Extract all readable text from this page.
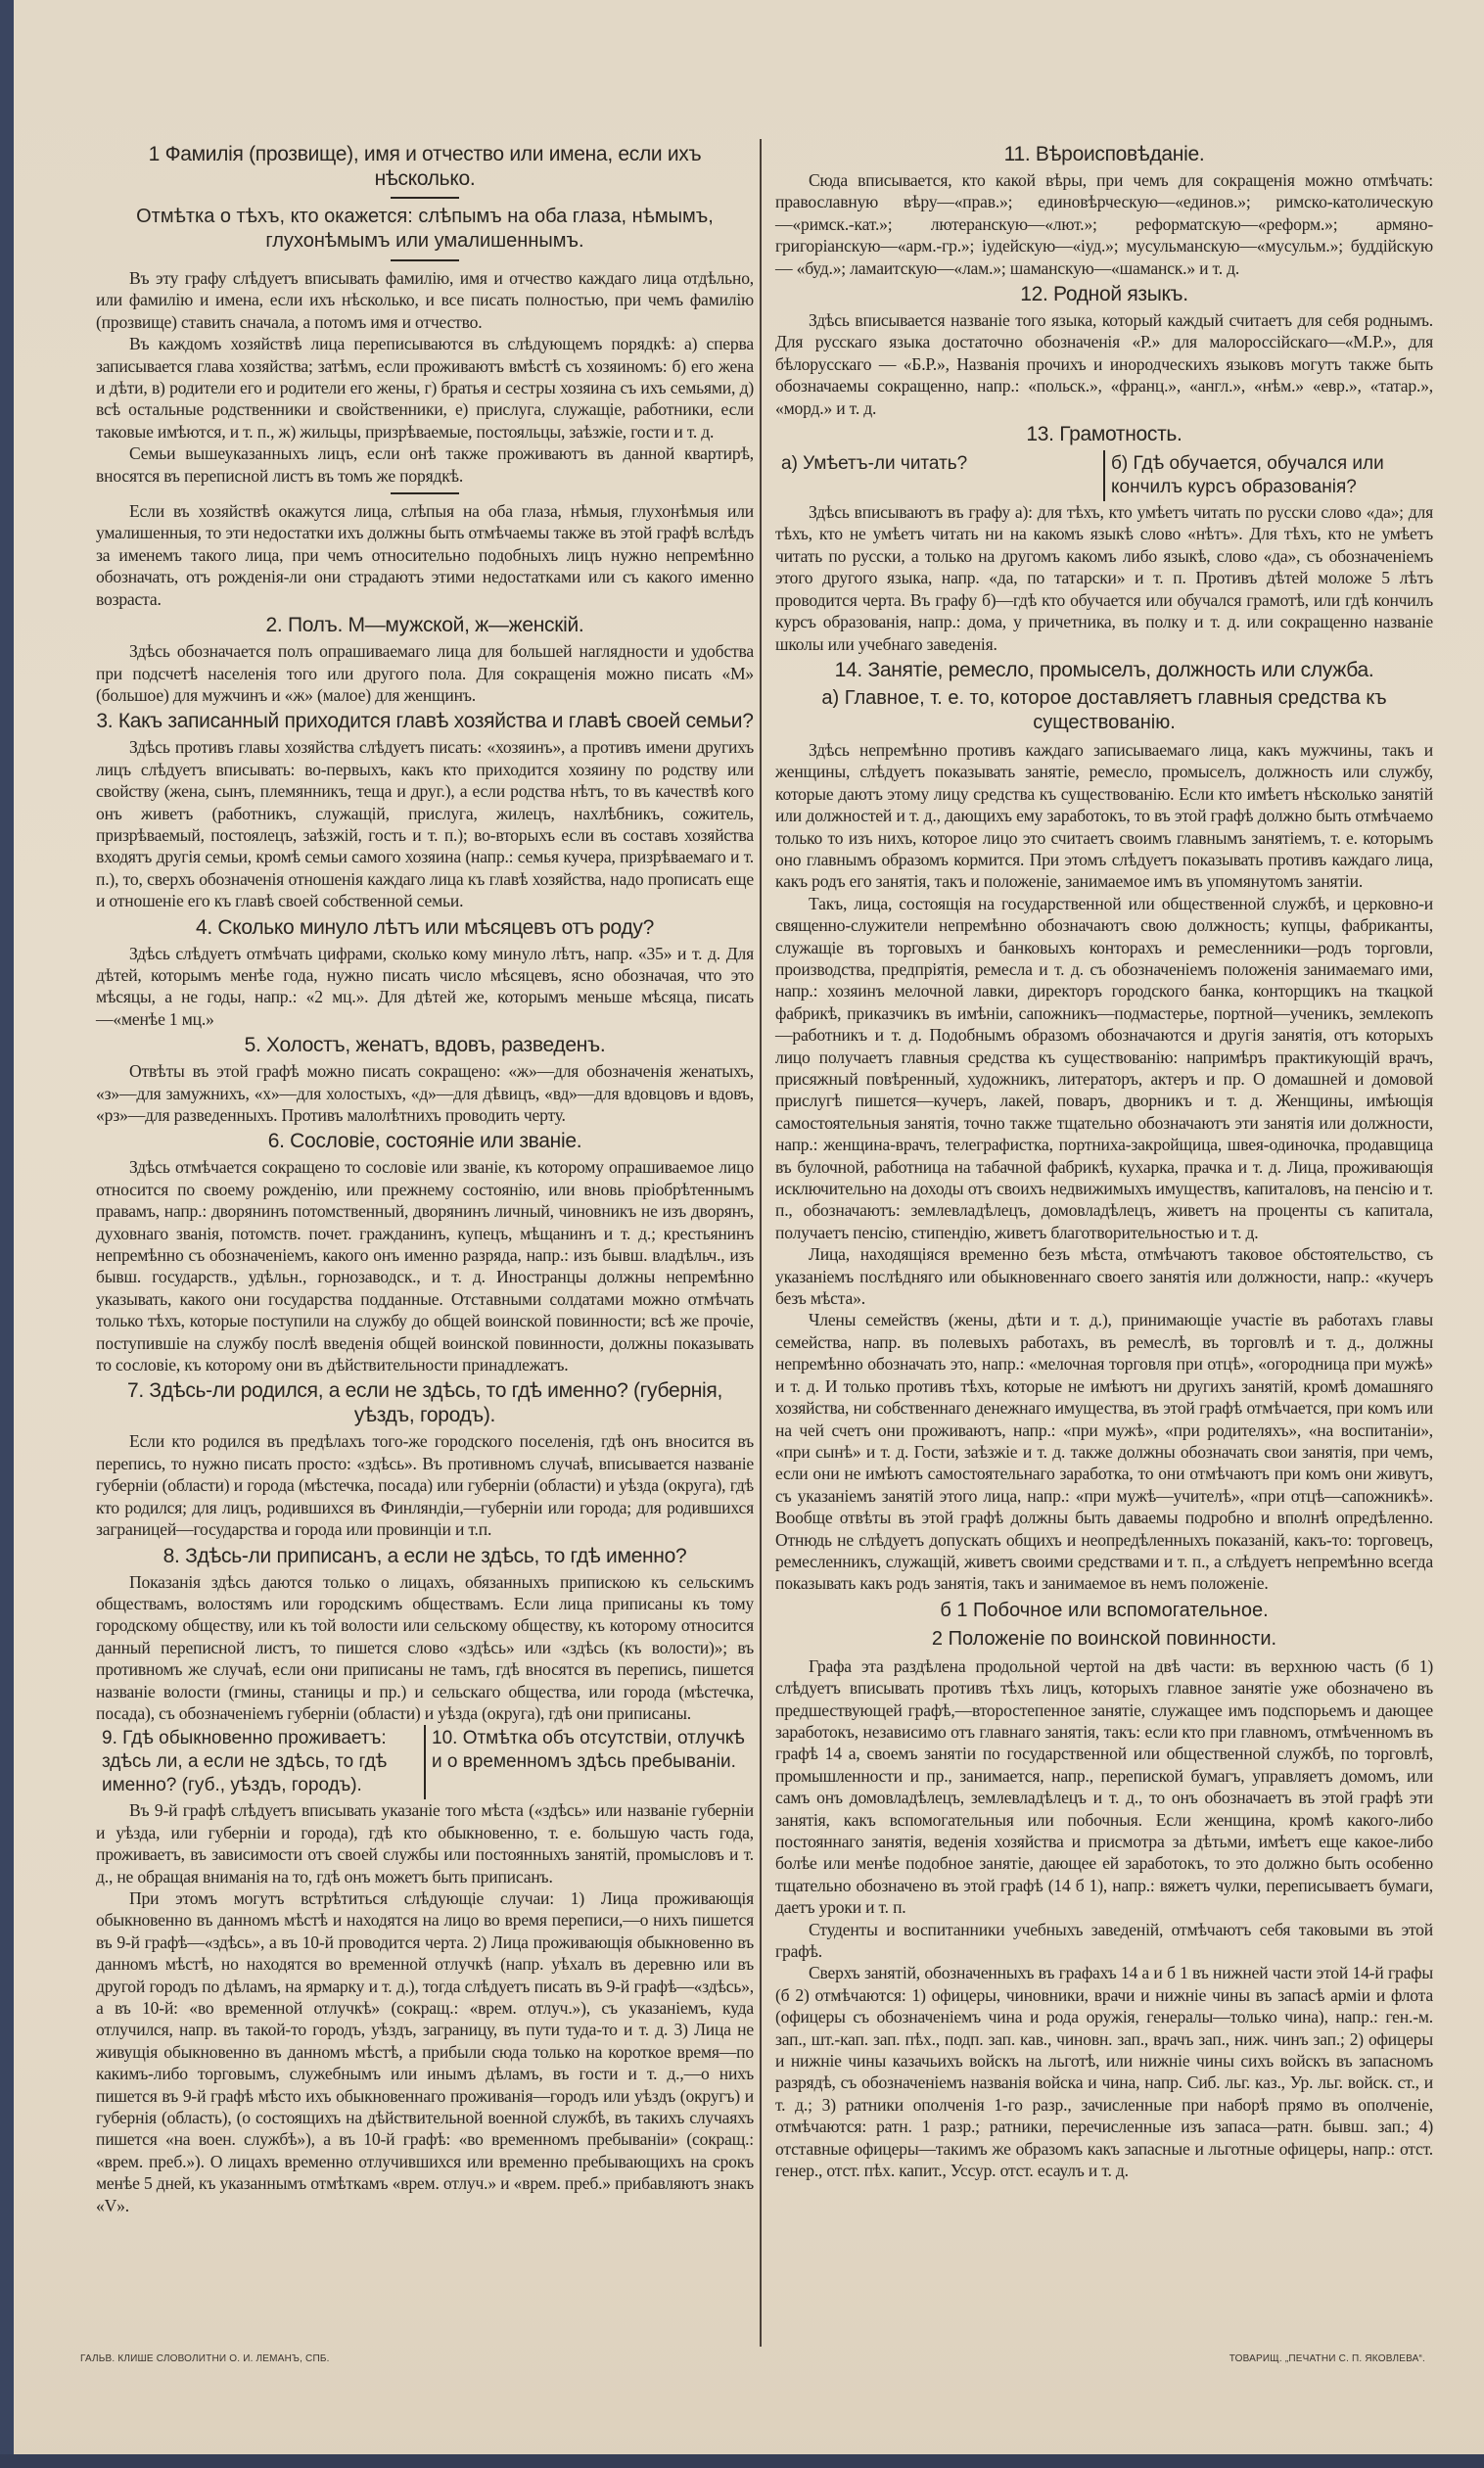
1 Фамилія (прозвище), имя и отчество или имена, если ихъ нѣсколько.
Отмѣтка о тѣхъ, кто окажется: слѣпымъ на оба глаза, нѣмымъ, глухонѣмымъ или умалишеннымъ.
Въ эту графу слѣдуетъ вписывать фамилію, имя и отчество каждаго лица отдѣльно, или фамилію и имена, если ихъ нѣсколько, и все писать полностью, при чемъ фамилію (прозвище) ставить сначала, а потомъ имя и отчество.
Въ каждомъ хозяйствѣ лица переписываются въ слѣдующемъ порядкѣ: а) сперва записывается глава хозяйства; затѣмъ, если проживаютъ вмѣстѣ съ хозяиномъ: б) его жена и дѣти, в) родители его и родители его жены, г) братья и сестры хозяина съ ихъ семьями, д) всѣ остальные родственники и свойственники, е) прислуга, служащіе, работники, если таковые имѣются, и т. п., ж) жильцы, призрѣваемые, постояльцы, заѣзжіе, гости и т. д.
Семьи вышеуказанныхъ лицъ, если онѣ также проживаютъ въ данной квартирѣ, вносятся въ переписной листъ въ томъ же порядкѣ.
Если въ хозяйствѣ окажутся лица, слѣпыя на оба глаза, нѣмыя, глухонѣмыя или умалишенныя, то эти недостатки ихъ должны быть отмѣчаемы также въ этой графѣ вслѣдъ за именемъ такого лица, при чемъ относительно подобныхъ лицъ нужно непремѣнно обозначать, отъ рожденія-ли они страдаютъ этими недостатками или съ какого именно возраста.
2. Полъ. М—мужской, ж—женскій.
Здѣсь обозначается полъ опрашиваемаго лица для большей наглядности и удобства при подсчетѣ населенія того или другого пола. Для сокращенія можно писать «М» (большое) для мужчинъ и «ж» (малое) для женщинъ.
3. Какъ записанный приходится главѣ хозяйства и главѣ своей семьи?
Здѣсь противъ главы хозяйства слѣдуетъ писать: «хозяинъ», а противъ имени другихъ лицъ слѣдуетъ вписывать: во-первыхъ, какъ кто приходится хозяину по родству или свойству (жена, сынъ, племянникъ, теща и друг.), а если родства нѣтъ, то въ качествѣ кого онъ живетъ (работникъ, служащій, прислуга, жилецъ, нахлѣбникъ, сожитель, призрѣваемый, постоялецъ, заѣзжій, гость и т. п.); во-вторыхъ если въ составъ хозяйства входятъ другія семьи, кромѣ семьи самого хозяина (напр.: семья кучера, призрѣваемаго и т. п.), то, сверхъ обозначенія отношенія каждаго лица къ главѣ хозяйства, надо прописать еще и отношеніе его къ главѣ своей собственной семьи.
4. Сколько минуло лѣтъ или мѣсяцевъ отъ роду?
Здѣсь слѣдуетъ отмѣчать цифрами, сколько кому минуло лѣтъ, напр. «35» и т. д. Для дѣтей, которымъ менѣе года, нужно писать число мѣсяцевъ, ясно обозначая, что это мѣсяцы, а не годы, напр.: «2 мц.». Для дѣтей же, которымъ меньше мѣсяца, писать—«менѣе 1 мц.»
5. Холостъ, женатъ, вдовъ, разведенъ.
Отвѣты въ этой графѣ можно писать сокращено: «ж»—для обозначенія женатыхъ, «з»—для замужнихъ, «х»—для холостыхъ, «д»—для дѣвицъ, «вд»—для вдовцовъ и вдовъ, «рз»—для разведенныхъ. Противъ малолѣтнихъ проводить черту.
6. Сословіе, состояніе или званіе.
Здѣсь отмѣчается сокращено то сословіе или званіе, къ которому опрашиваемое лицо относится по своему рожденію, или прежнему состоянію, или вновь пріобрѣтеннымъ правамъ, напр.: дворянинъ потомственный, дворянинъ личный, чиновникъ не изъ дворянъ, духовнаго званія, потомств. почет. гражданинъ, купецъ, мѣщанинъ и т. д.; крестьянинъ непремѣнно съ обозначеніемъ, какого онъ именно разряда, напр.: изъ бывш. владѣльч., изъ бывш. государств., удѣльн., горнозаводск., и т. д. Иностранцы должны непремѣнно указывать, какого они государства подданные. Отставными солдатами можно отмѣчать только тѣхъ, которые поступили на службу до общей воинской повинности; всѣ же прочіе, поступившіе на службу послѣ введенія общей воинской повинности, должны показывать то сословіе, къ которому они въ дѣйствительности принадлежатъ.
7. Здѣсь-ли родился, а если не здѣсь, то гдѣ именно? (губернія, уѣздъ, городъ).
Если кто родился въ предѣлахъ того-же городского поселенія, гдѣ онъ вносится въ перепись, то нужно писать просто: «здѣсь». Въ противномъ случаѣ, вписывается названіе губерніи (области) и города (мѣстечка, посада) или губерніи (области) и уѣзда (округа), гдѣ кто родился; для лицъ, родившихся въ Финляндіи,—губерніи или города; для родившихся заграницей—государства и города или провинціи и т.п.
8. Здѣсь-ли приписанъ, а если не здѣсь, то гдѣ именно?
Показанія здѣсь даются только о лицахъ, обязанныхъ припискою къ сельскимъ обществамъ, волостямъ или городскимъ обществамъ. Если лица приписаны къ тому городскому обществу, или къ той волости или сельскому обществу, къ которому относится данный переписной листъ, то пишется слово «здѣсь» или «здѣсь (къ волости)»; въ противномъ же случаѣ, если они приписаны не тамъ, гдѣ вносятся въ перепись, пишется названіе волости (гмины, станицы и пр.) и сельскаго общества, или города (мѣстечка, посада), съ обозначеніемъ губерніи (области) и уѣзда (округа), гдѣ они приписаны.
9. Гдѣ обыкновенно проживаетъ: здѣсь ли, а если не здѣсь, то гдѣ именно? (губ., уѣздъ, городъ).
10. Отмѣтка объ отсутствіи, отлучкѣ и о временномъ здѣсь пребываніи.
Въ 9-й графѣ слѣдуетъ вписывать указаніе того мѣста («здѣсь» или названіе губерніи и уѣзда, или губерніи и города), гдѣ кто обыкновенно, т. е. большую часть года, проживаетъ, въ зависимости отъ своей службы или постоянныхъ занятій, промысловъ и т. д., не обращая вниманія на то, гдѣ онъ можетъ быть приписанъ.
При этомъ могутъ встрѣтиться слѣдующіе случаи: 1) Лица проживающія обыкновенно въ данномъ мѣстѣ и находятся на лицо во время переписи,—о нихъ пишется въ 9-й графѣ—«здѣсь», а въ 10-й проводится черта. 2) Лица проживающія обыкновенно въ данномъ мѣстѣ, но находятся во временной отлучкѣ (напр. уѣхалъ въ деревню или въ другой городъ по дѣламъ, на ярмарку и т. д.), тогда слѣдуетъ писать въ 9-й графѣ—«здѣсь», а въ 10-й: «во временной отлучкѣ» (сокращ.: «врем. отлуч.»), съ указаніемъ, куда отлучился, напр. въ такой-то городъ, уѣздъ, заграницу, въ пути туда-то и т. д. 3) Лица не живущія обыкновенно въ данномъ мѣстѣ, а прибыли сюда только на короткое время—по какимъ-либо торговымъ, служебнымъ или инымъ дѣламъ, въ гости и т. д.,—о нихъ пишется въ 9-й графѣ мѣсто ихъ обыкновеннаго проживанія—городъ или уѣздъ (округъ) и губернія (область), (о состоящихъ на дѣйствительной военной службѣ, въ такихъ случаяхъ пишется «на воен. службѣ»), а въ 10-й графѣ: «во временномъ пребываніи» (сокращ.: «врем. преб.»). О лицахъ временно отлучившихся или временно пребывающихъ на срокъ менѣе 5 дней, къ указаннымъ отмѣткамъ «врем. отлуч.» и «врем. преб.» прибавляютъ знакъ «V».
11. Вѣроисповѣданіе.
Сюда вписывается, кто какой вѣры, при чемъ для сокращенія можно отмѣчать: православную вѣру—«прав.»; единовѣрческую—«единов.»; римско-католическую—«римск.-кат.»; лютеранскую—«лют.»; реформатскую—«реформ.»; армяно-григоріанскую—«арм.-гр.»; іудейскую—«іуд.»; мусульманскую—«мусульм.»; буддійскую — «буд.»; ламаитскую—«лам.»; шаманскую—«шаманск.» и т. д.
12. Родной языкъ.
Здѣсь вписывается названіе того языка, который каждый считаетъ для себя роднымъ. Для русскаго языка достаточно обозначенія «Р.» для малороссійскаго—«М.Р.», для бѣлорусскаго — «Б.Р.», Названія прочихъ и инородческихъ языковъ могутъ также быть обозначаемы сокращенно, напр.: «польск.», «франц.», «англ.», «нѣм.» «евр.», «татар.», «морд.» и т. д.
13. Грамотность.
а) Умѣетъ-ли читать?	б) Гдѣ обучается, обучался или кончилъ курсъ образованія?
Здѣсь вписываютъ въ графу а): для тѣхъ, кто умѣетъ читать по русски слово «да»; для тѣхъ, кто не умѣетъ читать ни на какомъ языкѣ слово «нѣтъ». Для тѣхъ, кто не умѣетъ читать по русски, а только на другомъ какомъ либо языкѣ, слово «да», съ обозначеніемъ этого другого языка, напр. «да, по татарски» и т. п. Противъ дѣтей моложе 5 лѣтъ проводится черта. Въ графу б)—гдѣ кто обучается или обучался грамотѣ, или гдѣ кончилъ курсъ образованія, напр.: дома, у причетника, въ полку и т. д. или сокращенно названіе школы или учебнаго заведенія.
14. Занятіе, ремесло, промыселъ, должность или служба.
а) Главное, т. е. то, которое доставляетъ главныя средства къ существованію.
Здѣсь непремѣнно противъ каждаго записываемаго лица, какъ мужчины, такъ и женщины, слѣдуетъ показывать занятіе, ремесло, промыселъ, должность или службу, которые даютъ этому лицу средства къ существованію. Если кто имѣетъ нѣсколько занятій или должностей и т. д., дающихъ ему заработокъ, то въ этой графѣ должно быть отмѣчаемо только то изъ нихъ, которое лицо это считаетъ своимъ главнымъ занятіемъ, т. е. которымъ оно главнымъ образомъ кормится. При этомъ слѣдуетъ показывать противъ каждаго лица, какъ родъ его занятія, такъ и положеніе, занимаемое имъ въ упомянутомъ занятіи.
Такъ, лица, состоящія на государственной или общественной службѣ, и церковно-и священно-служители непремѣнно обозначаютъ свою должность; купцы, фабриканты, служащіе въ торговыхъ и банковыхъ конторахъ и ремесленники—родъ торговли, производства, предпріятія, ремесла и т. д. съ обозначеніемъ положенія занимаемаго ими, напр.: хозяинъ мелочной лавки, директоръ городского банка, конторщикъ на ткацкой фабрикѣ, приказчикъ въ имѣніи, сапожникъ—подмастерье, портной—ученикъ, землекопъ—работникъ и т. д. Подобнымъ образомъ обозначаются и другія занятія, отъ которыхъ лицо получаетъ главныя средства къ существованію: напримѣръ практикующій врачъ, присяжный повѣренный, художникъ, литераторъ, актеръ и пр. О домашней и домовой прислугѣ пишется—кучеръ, лакей, поваръ, дворникъ и т. д. Женщины, имѣющія самостоятельныя занятія, точно также тщательно обозначаютъ эти занятія или должности, напр.: женщина-врачъ, телеграфистка, портниха-закройщица, швея-одиночка, продавщица въ булочной, работница на табачной фабрикѣ, кухарка, прачка и т. д. Лица, проживающія исключительно на доходы отъ своихъ недвижимыхъ имуществъ, капиталовъ, на пенсію и т. п., обозначаютъ: землевладѣлецъ, домовладѣлецъ, живетъ на проценты съ капитала, получаетъ пенсію, стипендію, живетъ благотворительностью и т. д.
Лица, находящіяся временно безъ мѣста, отмѣчаютъ таковое обстоятельство, съ указаніемъ послѣдняго или обыкновеннаго своего занятія или должности, напр.: «кучеръ безъ мѣста».
Члены семействъ (жены, дѣти и т. д.), принимающіе участіе въ работахъ главы семейства, напр. въ полевыхъ работахъ, въ ремеслѣ, въ торговлѣ и т. д., должны непремѣнно обозначать это, напр.: «мелочная торговля при отцѣ», «огородница при мужѣ» и т. д. И только противъ тѣхъ, которые не имѣютъ ни другихъ занятій, кромѣ домашняго хозяйства, ни собственнаго денежнаго имущества, въ этой графѣ отмѣчается, при комъ или на чей счетъ они проживаютъ, напр.: «при мужѣ», «при родителяхъ», «на воспитаніи», «при сынѣ» и т. д. Гости, заѣзжіе и т. д. также должны обозначать свои занятія, при чемъ, если они не имѣютъ самостоятельнаго заработка, то они отмѣчаютъ при комъ они живутъ, съ указаніемъ занятій этого лица, напр.: «при мужѣ—учителѣ», «при отцѣ—сапожникѣ». Вообще отвѣты въ этой графѣ должны быть даваемы подробно и вполнѣ опредѣленно. Отнюдь не слѣдуетъ допускать общихъ и неопредѣленныхъ показаній, какъ-то: торговецъ, ремесленникъ, служащій, живетъ своими средствами и т. п., а слѣдуетъ непремѣнно всегда показывать какъ родъ занятія, такъ и занимаемое въ немъ положеніе.
б 1 Побочное или вспомогательное.
2 Положеніе по воинской повинности.
Графа эта раздѣлена продольной чертой на двѣ части: въ верхнюю часть (б 1) слѣдуетъ вписывать противъ тѣхъ лицъ, которыхъ главное занятіе уже обозначено въ предшествующей графѣ,—второстепенное занятіе, служащее имъ подспорьемъ и дающее заработокъ, независимо отъ главнаго занятія, такъ: если кто при главномъ, отмѣченномъ въ графѣ 14 а, своемъ занятіи по государственной или общественной службѣ, по торговлѣ, промышленности и пр., занимается, напр., перепиской бумагъ, управляетъ домомъ, или самъ онъ домовладѣлецъ, землевладѣлецъ и т. д., то онъ обозначаетъ въ этой графѣ эти занятія, какъ вспомогательныя или побочныя. Если женщина, кромѣ какого-либо постояннаго занятія, веденія хозяйства и присмотра за дѣтьми, имѣетъ еще какое-либо болѣе или менѣе подобное занятіе, дающее ей заработокъ, то это должно быть особенно тщательно обозначено въ этой графѣ (14 б 1), напр.: вяжетъ чулки, переписываетъ бумаги, даетъ уроки и т. п.
Студенты и воспитанники учебныхъ заведеній, отмѣчаютъ себя таковыми въ этой графѣ.
Сверхъ занятій, обозначенныхъ въ графахъ 14 а и б 1 въ нижней части этой 14-й графы (б 2) отмѣчаются: 1) офицеры, чиновники, врачи и нижніе чины въ запасѣ арміи и флота (офицеры съ обозначеніемъ чина и рода оружія, генералы—только чина), напр.: ген.-м. зап., шт.-кап. зап. пѣх., подп. зап. кав., чиновн. зап., врачъ зап., ниж. чинъ зап.; 2) офицеры и нижніе чины казачьихъ войскъ на льготѣ, или нижніе чины сихъ войскъ въ запасномъ разрядѣ, съ обозначеніемъ названія войска и чина, напр. Сиб. льг. каз., Ур. льг. войск. ст., и т. д.; 3) ратники ополченія 1-го разр., зачисленные при наборѣ прямо въ ополченіе, отмѣчаются: ратн. 1 разр.; ратники, перечисленные изъ запаса—ратн. бывш. зап.; 4) отставные офицеры—такимъ же образомъ какъ запасные и льготные офицеры, напр.: отст. генер., отст. пѣх. капит., Уссур. отст. есаулъ и т. д.
ГАЛЬВ. КЛИШЕ СЛОВОЛИТНИ О. И. ЛЕМАНЪ, СПБ.	ТОВАРИЩ. „ПЕЧАТНИ С. П. ЯКОВЛЕВА“.
